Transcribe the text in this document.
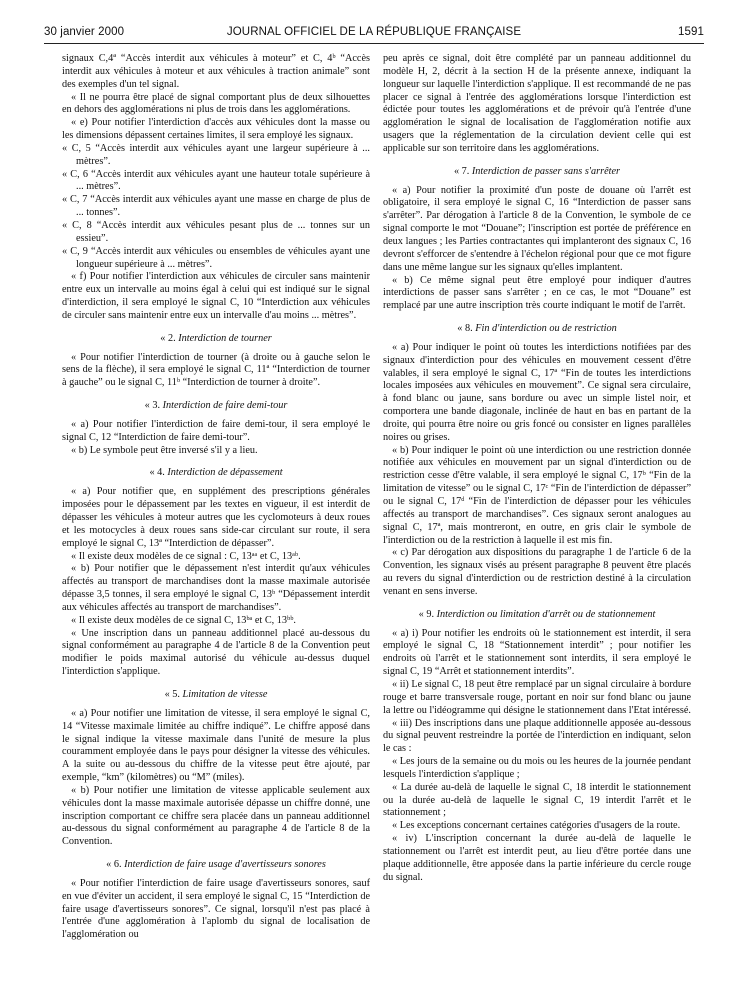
30 janvier 2000	JOURNAL OFFICIEL DE LA RÉPUBLIQUE FRANÇAISE	1591

signaux C,4ª “Accès interdit aux véhicules à moteur” et C, 4ᵇ “Accès interdit aux véhicules à moteur et aux véhicules à traction animale” sont des exemples d'un tel signal.

« Il ne pourra être placé de signal comportant plus de deux silhouettes en dehors des agglomérations ni plus de trois dans les agglomérations.

« e) Pour notifier l'interdiction d'accès aux véhicules dont la masse ou les dimensions dépassent certaines limites, il sera employé les signaux.

« C, 5 “Accès interdit aux véhicules ayant une largeur supérieure à ... mètres”.

« C, 6 “Accès interdit aux véhicules ayant une hauteur totale supérieure à ... mètres”.

« C, 7 “Accès interdit aux véhicules ayant une masse en charge de plus de ... tonnes”.

« C, 8 “Accès interdit aux véhicules pesant plus de ... tonnes sur un essieu”.

« C, 9 “Accès interdit aux véhicules ou ensembles de véhicules ayant une longueur supérieure à ... mètres”.

« f) Pour notifier l'interdiction aux véhicules de circuler sans maintenir entre eux un intervalle au moins égal à celui qui est indiqué sur le signal d'interdiction, il sera employé le signal C, 10 “Interdiction aux véhicules de circuler sans maintenir entre eux un intervalle d'au moins ... mètres”.

« 2. Interdiction de tourner

« Pour notifier l'interdiction de tourner (à droite ou à gauche selon le sens de la flèche), il sera employé le signal C, 11ª “Interdiction de tourner à gauche” ou le signal C, 11ᵇ “Interdiction de tourner à droite”.

« 3. Interdiction de faire demi-tour

« a) Pour notifier l'interdiction de faire demi-tour, il sera employé le signal C, 12 “Interdiction de faire demi-tour”.

« b) Le symbole peut être inversé s'il y a lieu.

« 4. Interdiction de dépassement

« a) Pour notifier que, en supplément des prescriptions générales imposées pour le dépassement par les textes en vigueur, il est interdit de dépasser les véhicules à moteur autres que les cyclomoteurs à deux roues et les motocycles à deux roues sans side-car circulant sur route, il sera employé le signal C, 13ª “Interdiction de dépasser”.

« Il existe deux modèles de ce signal : C, 13ᵃᵃ et C, 13ᵃᵇ.

« b) Pour notifier que le dépassement n'est interdit qu'aux véhicules affectés au transport de marchandises dont la masse maximale autorisée dépasse 3,5 tonnes, il sera employé le signal C, 13ᵇ “Dépassement interdit aux véhicules affectés au transport de marchandises”.

« Il existe deux modèles de ce signal C, 13ᵇᵃ et C, 13ᵇᵇ.

« Une inscription dans un panneau additionnel placé au-dessous du signal conformément au paragraphe 4 de l'article 8 de la Convention peut modifier le poids maximal autorisé du véhicule au-dessus duquel l'interdiction s'applique.

« 5. Limitation de vitesse

« a) Pour notifier une limitation de vitesse, il sera employé le signal C, 14 “Vitesse maximale limitée au chiffre indiqué”. Le chiffre apposé dans le signal indique la vitesse maximale dans l'unité de mesure la plus couramment employée dans le pays pour désigner la vitesse des véhicules. A la suite ou au-dessous du chiffre de la vitesse peut être ajouté, par exemple, “km” (kilomètres) ou “M” (miles).

« b) Pour notifier une limitation de vitesse applicable seulement aux véhicules dont la masse maximale autorisée dépasse un chiffre donné, une inscription comportant ce chiffre sera placée dans un panneau additionnel au-dessous du signal conformément au paragraphe 4 de l'article 8 de la Convention.

« 6. Interdiction de faire usage d'avertisseurs sonores

« Pour notifier l'interdiction de faire usage d'avertisseurs sonores, sauf en vue d'éviter un accident, il sera employé le signal C, 15 “Interdiction de faire usage d'avertisseurs sonores”. Ce signal, lorsqu'il n'est pas placé à l'entrée d'une agglomération à l'aplomb du signal de localisation de l'agglomération ou

peu après ce signal, doit être complété par un panneau additionnel du modèle H, 2, décrit à la section H de la présente annexe, indiquant la longueur sur laquelle l'interdiction s'applique. Il est recommandé de ne pas placer ce signal à l'entrée des agglomérations lorsque l'interdiction est édictée pour toutes les agglomérations et de prévoir qu'à l'entrée d'une agglomération le signal de localisation de l'agglomération notifie aux usagers que la réglementation de la circulation devient celle qui est applicable sur son territoire dans les agglomérations.

« 7. Interdiction de passer sans s'arrêter

« a) Pour notifier la proximité d'un poste de douane où l'arrêt est obligatoire, il sera employé le signal C, 16 “Interdiction de passer sans s'arrêter”. Par dérogation à l'article 8 de la Convention, le symbole de ce signal comporte le mot “Douane”; l'inscription est portée de préférence en deux langues ; les Parties contractantes qui implanteront des signaux C, 16 devront s'efforcer de s'entendre à l'échelon régional pour que ce mot figure dans une même langue sur les signaux qu'elles implantent.

« b) Ce même signal peut être employé pour indiquer d'autres interdictions de passer sans s'arrêter ; en ce cas, le mot “Douane” est remplacé par une autre inscription très courte indiquant le motif de l'arrêt.

« 8. Fin d'interdiction ou de restriction

« a) Pour indiquer le point où toutes les interdictions notifiées par des signaux d'interdiction pour des véhicules en mouvement cessent d'être valables, il sera employé le signal C, 17ª “Fin de toutes les interdictions locales imposées aux véhicules en mouvement”. Ce signal sera circulaire, à fond blanc ou jaune, sans bordure ou avec un simple listel noir, et comportera une bande diagonale, inclinée de haut en bas en partant de la droite, qui pourra être noire ou gris foncé ou consister en lignes parallèles noires ou grises.

« b) Pour indiquer le point où une interdiction ou une restriction donnée notifiée aux véhicules en mouvement par un signal d'interdiction ou de restriction cesse d'être valable, il sera employé le signal C, 17ᵇ “Fin de la limitation de vitesse” ou le signal C, 17ᶜ “Fin de l'interdiction de dépasser” ou le signal C, 17ᵈ “Fin de l'interdiction de dépasser pour les véhicules affectés au transport de marchandises”. Ces signaux seront analogues au signal C, 17ª, mais montreront, en outre, en gris clair le symbole de l'interdiction ou de la restriction à laquelle il est mis fin.

« c) Par dérogation aux dispositions du paragraphe 1 de l'article 6 de la Convention, les signaux visés au présent paragraphe 8 peuvent être placés au revers du signal d'interdiction ou de restriction destiné à la circulation venant en sens inverse.

« 9. Interdiction ou limitation d'arrêt ou de stationnement

« a) i) Pour notifier les endroits où le stationnement est interdit, il sera employé le signal C, 18 “Stationnement interdit” ; pour notifier les endroits où l'arrêt et le stationnement sont interdits, il sera employé le signal C, 19 “Arrêt et stationnement interdits”.

« ii) Le signal C, 18 peut être remplacé par un signal circulaire à bordure rouge et barre transversale rouge, portant en noir sur fond blanc ou jaune la lettre ou l'idéogramme qui désigne le stationnement dans l'Etat intéressé.

« iii) Des inscriptions dans une plaque additionnelle apposée au-dessous du signal peuvent restreindre la portée de l'interdiction en indiquant, selon le cas :

« Les jours de la semaine ou du mois ou les heures de la journée pendant lesquels l'interdiction s'applique ;

« La durée au-delà de laquelle le signal C, 18 interdit le stationnement ou la durée au-delà de laquelle le signal C, 19 interdit l'arrêt et le stationnement ;

« Les exceptions concernant certaines catégories d'usagers de la route.

« iv) L'inscription concernant la durée au-delà de laquelle le stationnement ou l'arrêt est interdit peut, au lieu d'être portée dans une plaque additionnelle, être apposée dans la partie inférieure du cercle rouge du signal.
